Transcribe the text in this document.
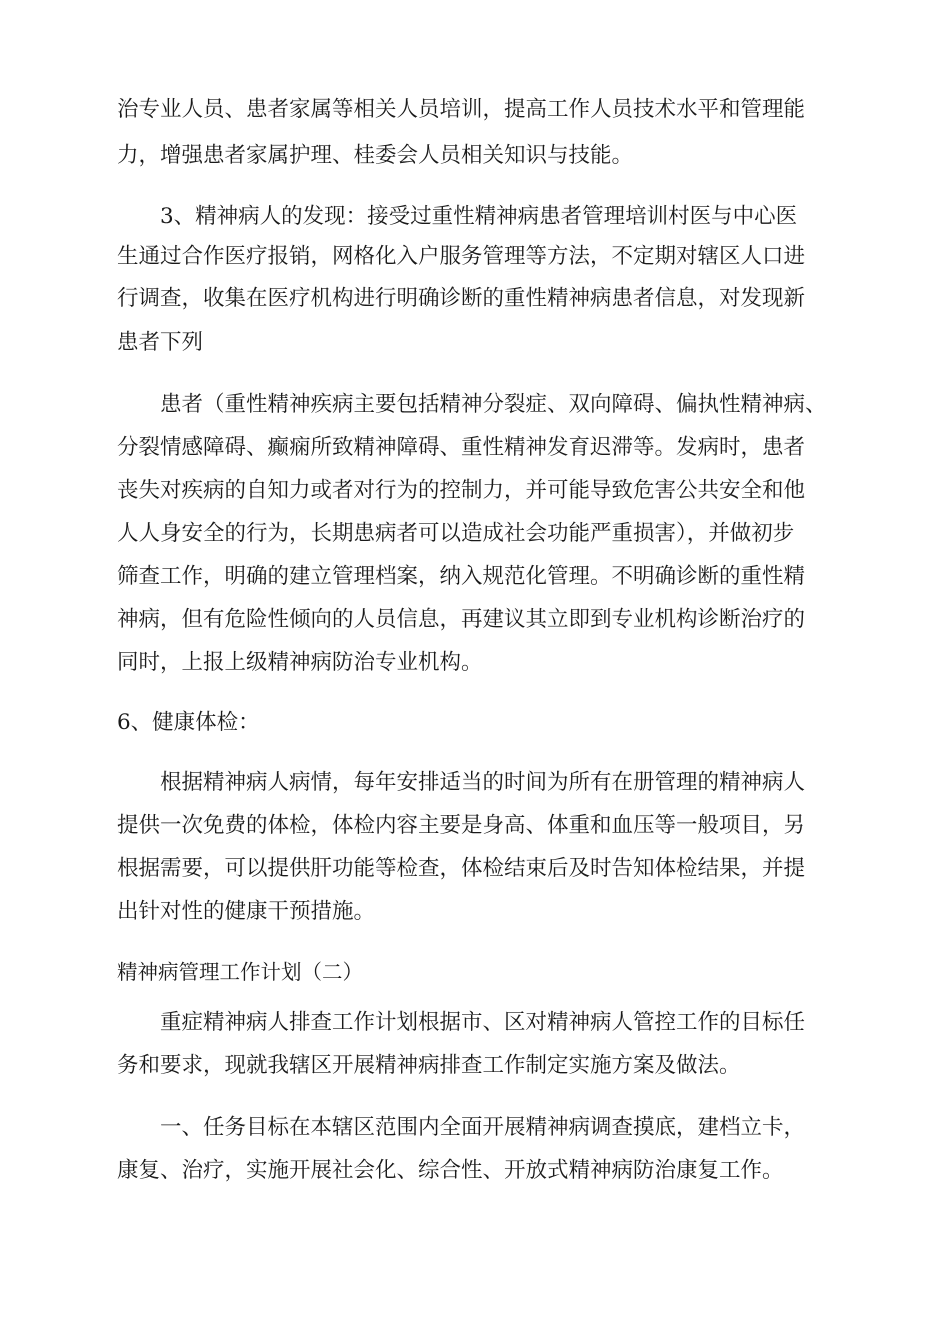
治专业人员、患者家属等相关人员培训，提高工作人员技术水平和管理能
力，增强患者家属护理、桂委会人员相关知识与技能。
3、精神病人的发现：接受过重性精神病患者管理培训村医与中心医
生通过合作医疗报销，网格化入户服务管理等方法，不定期对辖区人口进
行调查，收集在医疗机构进行明确诊断的重性精神病患者信息，对发现新
患者下列
患者（重性精神疾病主要包括精神分裂症、双向障碍、偏执性精神病、
分裂情感障碍、癫痫所致精神障碍、重性精神发育迟滞等。发病时，患者
丧失对疾病的自知力或者对行为的控制力，并可能导致危害公共安全和他
人人身安全的行为，长期患病者可以造成社会功能严重损害），并做初步
筛查工作，明确的建立管理档案，纳入规范化管理。不明确诊断的重性精
神病，但有危险性倾向的人员信息，再建议其立即到专业机构诊断治疗的
同时，上报上级精神病防治专业机构。
6、健康体检：
根据精神病人病情，每年安排适当的时间为所有在册管理的精神病人
提供一次免费的体检，体检内容主要是身高、体重和血压等一般项目，另
根据需要，可以提供肝功能等检查，体检结束后及时告知体检结果，并提
出针对性的健康干预措施。
精神病管理工作计划（二）
重症精神病人排查工作计划根据市、区对精神病人管控工作的目标任
务和要求，现就我辖区开展精神病排查工作制定实施方案及做法。
一、任务目标在本辖区范围内全面开展精神病调查摸底，建档立卡，
康复、治疗，实施开展社会化、综合性、开放式精神病防治康复工作。
